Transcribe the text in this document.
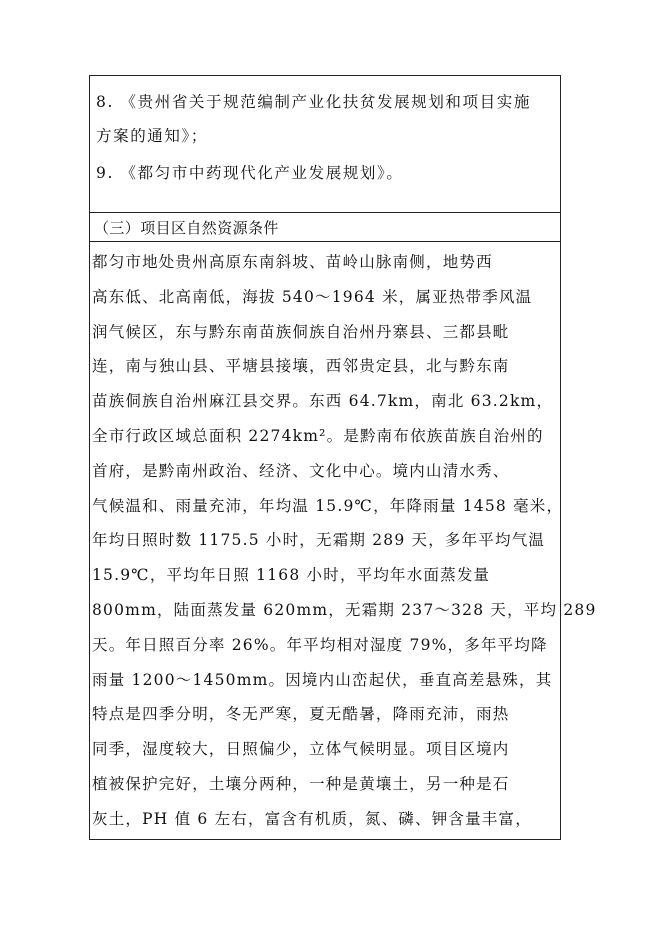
8. 《贵州省关于规范编制产业化扶贫发展规划和项目实施
方案的通知》；
9. 《都匀市中药现代化产业发展规划》。
（三）项目区自然资源条件
都匀市地处贵州高原东南斜坡、苗岭山脉南侧，地势西
高东低、北高南低，海拔 540～1964 米，属亚热带季风温
润气候区，东与黔东南苗族侗族自治州丹寨县、三都县毗
连，南与独山县、平塘县接壤，西邻贵定县，北与黔东南
苗族侗族自治州麻江县交界。东西 64.7km，南北 63.2km，
全市行政区域总面积 2274km²。是黔南布依族苗族自治州的
首府，是黔南州政治、经济、文化中心。境内山清水秀、
气候温和、雨量充沛，年均温 15.9℃，年降雨量 1458 毫米，
年均日照时数 1175.5 小时，无霜期 289 天，多年平均气温
15.9℃，平均年日照 1168 小时，平均年水面蒸发量
800mm，陆面蒸发量 620mm，无霜期 237～328 天，平均 289
天。年日照百分率 26%。年平均相对湿度 79%，多年平均降
雨量 1200～1450mm。因境内山峦起伏，垂直高差悬殊，其
特点是四季分明，冬无严寒，夏无酷暑，降雨充沛，雨热
同季，湿度较大，日照偏少，立体气候明显。项目区境内
植被保护完好，土壤分两种，一种是黄壤土，另一种是石
灰土，PH 值 6 左右，富含有机质，氮、磷、钾含量丰富，
